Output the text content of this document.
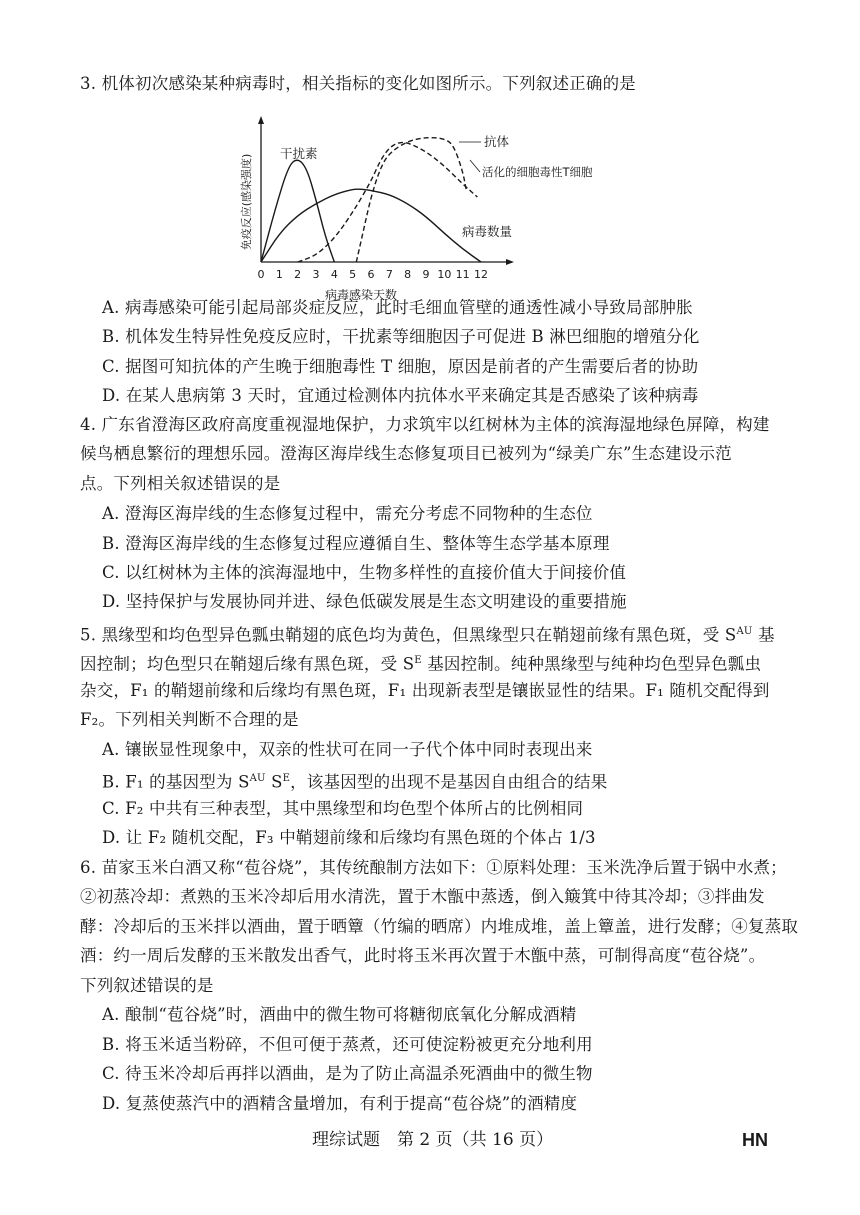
3. 机体初次感染某种病毒时，相关指标的变化如图所示。下列叙述正确的是
免疫反应(感染强度)
病毒感染天数
0 1 2 3 4 5 6 7 8 9 10 11 12
干扰素
病毒数量
抗体
活化的细胞毒性T细胞
A. 病毒感染可能引起局部炎症反应，此时毛细血管壁的通透性减小导致局部肿胀
B. 机体发生特异性免疫反应时，干扰素等细胞因子可促进 B 淋巴细胞的增殖分化
C. 据图可知抗体的产生晚于细胞毒性 T 细胞，原因是前者的产生需要后者的协助
D. 在某人患病第 3 天时，宜通过检测体内抗体水平来确定其是否感染了该种病毒
4. 广东省澄海区政府高度重视湿地保护，力求筑牢以红树林为主体的滨海湿地绿色屏障，构建
候鸟栖息繁衍的理想乐园。澄海区海岸线生态修复项目已被列为“绿美广东”生态建设示范
点。下列相关叙述错误的是
A. 澄海区海岸线的生态修复过程中，需充分考虑不同物种的生态位
B. 澄海区海岸线的生态修复过程应遵循自生、整体等生态学基本原理
C. 以红树林为主体的滨海湿地中，生物多样性的直接价值大于间接价值
D. 坚持保护与发展协同并进、绿色低碳发展是生态文明建设的重要措施
5. 黑缘型和均色型异色瓢虫鞘翅的底色均为黄色，但黑缘型只在鞘翅前缘有黑色斑，受 $S^{AU}$ 基
因控制；均色型只在鞘翅后缘有黑色斑，受 $S^E$ 基因控制。纯种黑缘型与纯种均色型异色瓢虫
杂交，F₁ 的鞘翅前缘和后缘均有黑色斑，F₁ 出现新表型是镶嵌显性的结果。F₁ 随机交配得到
F₂。下列相关判断不合理的是
A. 镶嵌显性现象中，双亲的性状可在同一子代个体中同时表现出来
B. F₁ 的基因型为 $S^{AU}$ $S^E$，该基因型的出现不是基因自由组合的结果
C. F₂ 中共有三种表型，其中黑缘型和均色型个体所占的比例相同
D. 让 F₂ 随机交配，F₃ 中鞘翅前缘和后缘均有黑色斑的个体占 1/3
6. 苗家玉米白酒又称“苞谷烧”，其传统酿制方法如下：①原料处理：玉米洗净后置于锅中水煮；
②初蒸冷却：煮熟的玉米冷却后用水清洗，置于木甑中蒸透，倒入簸箕中待其冷却；③拌曲发
酵：冷却后的玉米拌以酒曲，置于晒簟（竹编的晒席）内堆成堆，盖上簟盖，进行发酵；④复蒸取
酒：约一周后发酵的玉米散发出香气，此时将玉米再次置于木甑中蒸，可制得高度“苞谷烧”。
下列叙述错误的是
A. 酿制“苞谷烧”时，酒曲中的微生物可将糖彻底氧化分解成酒精
B. 将玉米适当粉碎，不但可便于蒸煮，还可使淀粉被更充分地利用
C. 待玉米冷却后再拌以酒曲，是为了防止高温杀死酒曲中的微生物
D. 复蒸使蒸汽中的酒精含量增加，有利于提高“苞谷烧”的酒精度
理综试题　第 2 页（共 16 页）	HN
